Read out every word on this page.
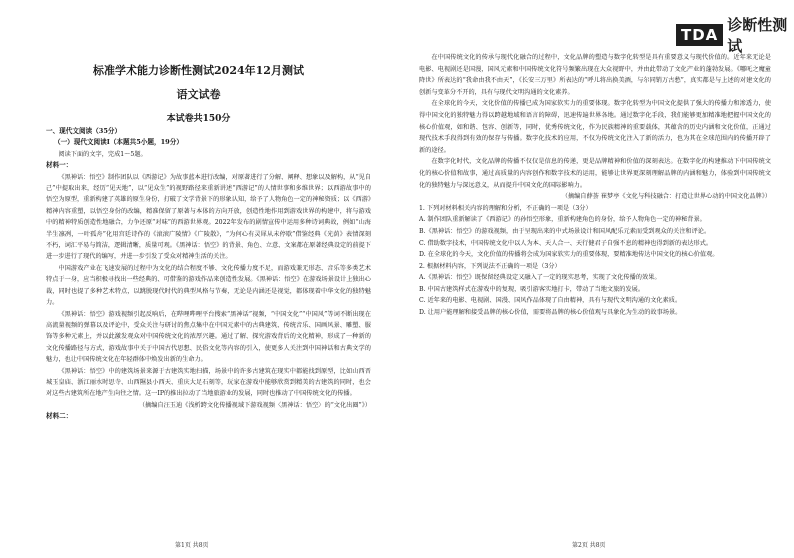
TDA
诊断性测试
标准学术能力诊断性测试2024年12月测试
语文试卷
本试卷共150分

一、现代文阅读（35分）

（一）现代文阅读Ⅰ（本题共5小题，19分）

阅读下面的文字，完成1～5题。

材料一：

《黑神话：悟空》制作团队以《西游记》为故事蓝本进行改编，对原著进行了分解、阐释、想象以及解构，从“见自己”中提取出来，经历“见天地”，以“见众生”的视野路径来重新讲述“西游记”的人情世事和多维世界；以西游故事中的悟空为原型，重新构建了英雄的原生身份，打破了文学背景下的形象认知，给予了人物角色一定的神秘资质；以《西游》精神内容重塑，以悟空身份的改编，精准保留了原著与本体的方向开放，创造性地作用到游戏世界的构建中，将与游戏中的精神特质创造性地融合，力争还原“对味”的西游世界观。2022年发布的剧情宣传中运用多种诗词典故，例如“山海半生凛冽，一叶孤舟”化用宫廷诗作的《滚滚广陵情》《广陵散》，“为何心有灵犀从未停歇”借鉴经典《光荫》表情深刻不朽，词汇平易与简洁，逻辑清晰，质量可观。《黑神话：悟空》的背景、角色、立意、文案都在原著经典设定的前提下进一步进行了现代的编写，并进一步引发了受众对精神生活的关注。

中国游戏产业在飞速发展的过程中为文化的结合程度不够、文化传播力度不足，而游戏兼无形态、音乐等多类艺术特点于一身，应当积极寻找出一些经典的、可借鉴的游戏作品来创造性发展。《黑神话：悟空》在游戏场景设计上独出心裁，同时也提了多种艺术特点，以跳脱现代时代的典型风格与节奏，无论是内涵还是视觉，都体现着中华文化的独特魅力。

《黑神话：悟空》游戏视频引起反响后，在哔哩哔哩平台搜索“黑神话”视频，“中国文化”“中国风”等词不断出现在高流量视频的弹幕以及评论中，受众关注与研讨的焦点集中在中国元素中的古典建筑、传统音乐、国画风景、雕塑、服饰等多种元素上，并以此激发观众对中国传统文化的浓厚兴趣。通过了解、探究游戏背后的文化精神，形成了一种新的文化传播路径与方式，游戏故事中关于中国古代思想、民俗文化等内容的引入，使更多人关注到中国神话和古典文学的魅力，也让中国传统文化在年轻群体中焕发出新的生命力。

《黑神话：悟空》中的建筑场景来源于古建筑实地扫描，场景中的许多古建筑在现实中都能找到原型，比如山西晋城玉皇庙、浙江丽水时思寺、山西隰县小西天、重庆大足石刻等，玩家在游戏中能够欣赏到精美的古建筑的同时，也会对这些古建筑所在地产生向往之情。这一IP的推出拉动了当地旅游业的发展，同时也推动了中国传统文化的传播。

（摘编自汪玉迪《浅析跨文化传播视域下游戏视频〈黑神话：悟空〉的“文化出圈”》）

材料二：

第1页 共8页

在中国传统文化的传承与现代化融合的过程中，文化品牌的塑造与数字化转型是具有重要意义与现代价值的。近年来无论是电影、电视剧还是国漫，国风元素和中国传统文化符号频繁出现在大众视野中，并由此带动了文化产业的蓬勃发展。《哪吒之魔童降世》所表达的“我命由我不由天”，《长安三万里》所表达的“呼儿将出换美酒，与尔同销万古愁”，真实都是与上述的对建文化的创新与变革分不开的，具有与现代文明沟通的文化素养。

在全球化的今天，文化价值的传播已成为国家软实力的重要体现。数字化转型为中国文化提供了强大的传播力和渗透力，使得中国文化的独特魅力得以跨越地域和语言的障碍，迅速传遍世界各地。通过数字化手段，我们能够更加精准地把握中国文化的核心价值观，如和谐、包容、创新等，同时，优秀传统文化，作为民族精神的重要载体，其蕴含的历史内涵和文化价值，正通过现代技术手段得到有效的保存与传播。数字化技术的应用，不仅为传统文化注入了新的活力，也为其在全球范围内的传播开辟了新的途径。

在数字化时代，文化品牌的传播不仅仅是信息的传递，更是品牌精神和价值的深刻表达。在数字化的构建推动下中国传统文化的核心价值和故事，通过高质量的内容创作和数字技术的运用，能够让世界更深刻理解品牌的内涵和魅力，体验到中国传统文化的独特魅力与深远意义，从而提升中国文化的国际影响力。

（摘编自薛荟 崔梦亭《文化与科技融合：打造让世界心动的中国文化品牌》）

1. 下列对材料相关内容的理解和分析，不正确的一项是（3分）

A. 制作团队重新解读了《西游记》的孙悟空形象，重新构建角色的身份，给予人物角色一定的神秘背景。

B.《黑神话：悟空》的游戏视频，由于呈现出来的中式场景设计和国风配乐元素而受到观众的关注和评论。

C. 借助数字技术，中国传统文化中以人为本、天人合一、天行健君子自强不息的精神也得到新的表达形式。

D. 在全球化的今天，文化价值的传播将会成为国家软实力的重要体现，要精准地传达中国文化的核心价值观。

2. 根据材料内容，下列说法不正确的一项是（3分）

A.《黑神话：悟空》既保留经典设定又融入了一定的现实思考，实现了文化传播的效果。

B. 中国古建筑样式在游戏中的复现，吸引游客实地打卡，带动了当地文旅的发展。

C. 近年来的电影、电视剧、国漫、国风作品体现了自由精神，具有与现代文明沟通的文化素质。

D. 让用户能理解和接受品牌的核心价值，需要将品牌的核心价值观与具象化为生动的故事场景。

第2页 共8页
